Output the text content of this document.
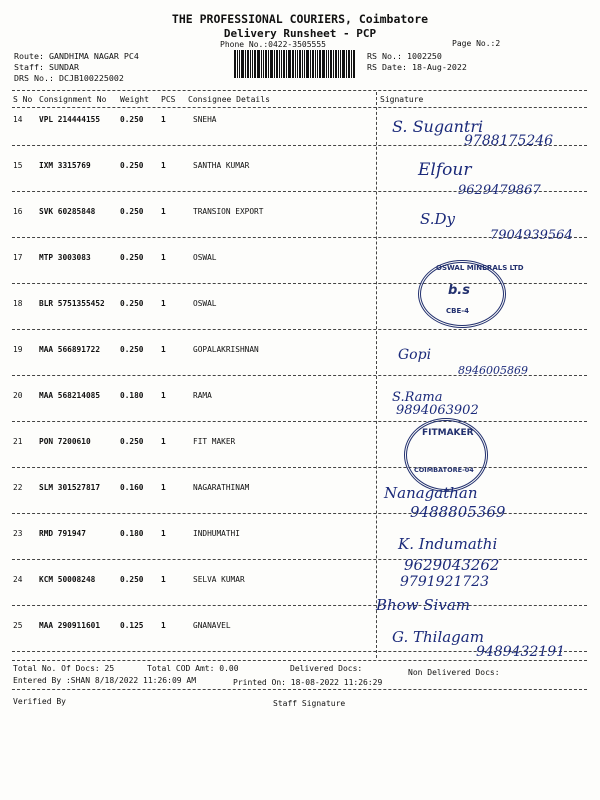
THE PROFESSIONAL COURIERS, Coimbatore
Delivery Runsheet - PCP
Phone No.:0422-3505555	Page No.:2
Route: GANDHIMA NAGAR PC4
Staff: SUNDAR
DRS No.: DCJB100225002
RS No.: 1002250
RS Date: 18-Aug-2022
S No Consignment No Weight PCS Consignee Details	Signature
14 VPL 214444155	0.250 1	SNEHA
15 IXM 3315769	0.250 1	SANTHA KUMAR
16 SVK 60285848	0.250 1	TRANSION EXPORT
17 MTP 3003083	0.250 1	OSWAL
18 BLR 5751355452 0.250 1	OSWAL
19 MAA 566891722	0.250 1	GOPALAKRISHNAN
20 MAA 568214085	0.180 1	RAMA
21 PON 7200610	0.250 1	FIT MAKER
22 SLM 301527817	0.160 1	NAGARATHINAM
23 RMD 791947	0.180 1	INDHUMATHI
24 KCM 50008248	0.250 1	SELVA KUMAR
25 MAA 290911601	0.125 1	GNANAVEL
S. Sugantri
9788175246
Elfour
9629479867
S.Dy
7904939564
OSWAL MINERALS LTD
b.s
CBE-4
Gopi
8946005869
S.Rama
9894063902
FITMAKER
COIMBATORE-04
Nanagathan
9488805369
K. Indumathi
9629043262
9791921723
Bhow Sivam
G. Thilagam
9489432191
Total No. Of Docs: 25	Total COD Amt: 0.00	Delivered Docs:	Non Delivered Docs:
Entered By :SHAN 8/18/2022 11:26:09 AM	Printed On: 18-08-2022 11:26:29
Verified By	Staff Signature
